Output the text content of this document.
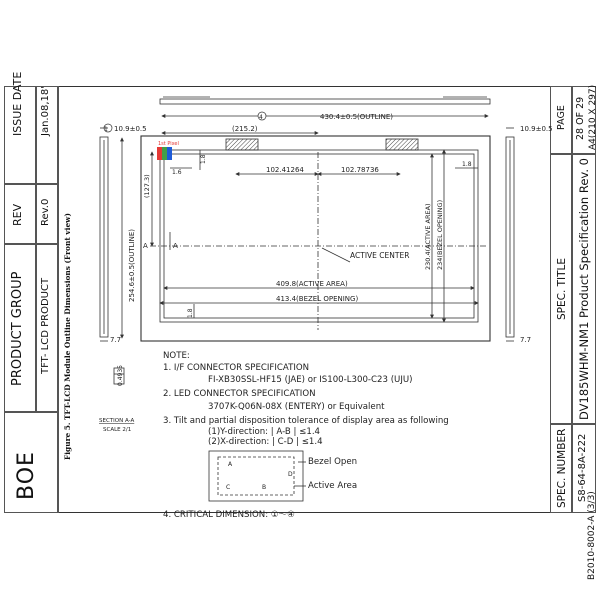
ISSUE DATE Jan.08,18'
REV Rev.0
PRODUCT GROUP TFT- LCD PRODUCT
BOE
Figure 5. TFT-LCD Module Outline Dimensions (Front view)
PAGE 28 OF 29 A4(210 X 297)
SPEC. TITLE DV185WHM-NM1 Product Specification Rev. 0
SPEC. NUMBER S8-64-8A-222
B2010-8002-A (3/3)
430.4±0.5(OUTLINE)
(215.2)
10.9±0.5	10.9±0.5
1
4
102.41264	102.78736
1.8
1.6
1st Pixel
1.8
1.8
(127.3)
254.6±0.5(OUTLINE)	230.4(ACTIVE AREA) 234(BEZEL OPENING)
409.8(ACTIVE AREA)
413.4(BEZEL OPENING)
7.7	7.7
ACTIVE CENTER
A	A
0.4935
SECTION A-A
SCALE 2/1
A
B
C
D
NOTE:
1. I/F CONNECTOR SPECIFICATION
FI-XB30SSL-HF15 (JAE) or IS100-L300-C23 (UJU)
2. LED CONNECTOR SPECIFICATION
3707K-Q06N-08X (ENTERY) or Equivalent
3. Tilt and partial disposition tolerance of display area as following
(1)Y-direction: | A-B | ≤1.4
(2)X-direction: | C-D | ≤1.4
Bezel Open
Active Area
4. CRITICAL DIMENSION: ①～④
